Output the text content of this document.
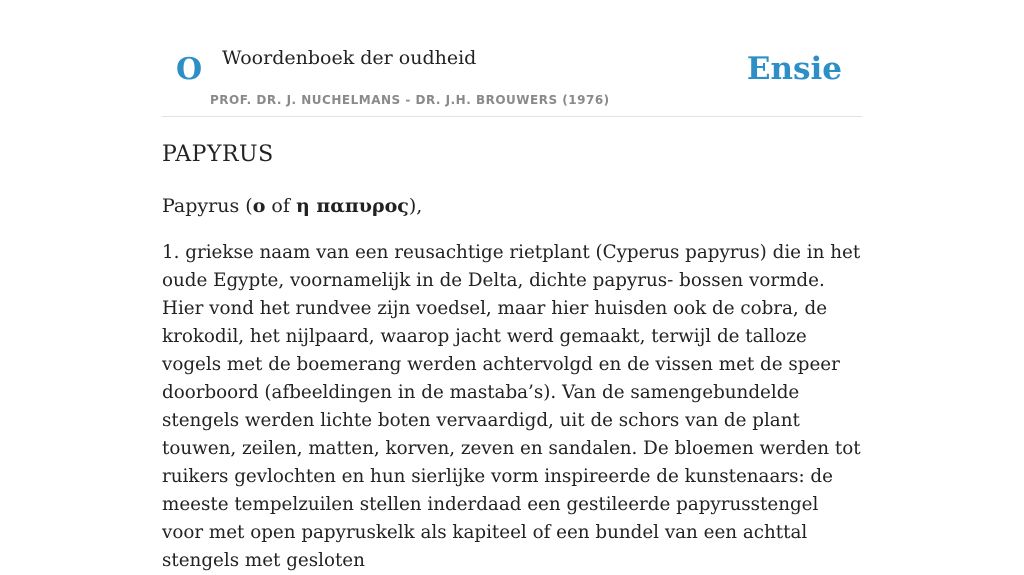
O Woordenboek der oudheid
PROF. DR. J. NUCHELMANS - DR. J.H. BROUWERS (1976)
Ensie
PAPYRUS
Papyrus (ο of η παπυρος),

1. griekse naam van een reusachtige rietplant (Cyperus papyrus) die in het oude Egypte, voornamelijk in de Delta, dichte papyrus- bossen vormde. Hier vond het rundvee zijn voedsel, maar hier huisden ook de cobra, de krokodil, het nijlpaard, waarop jacht werd gemaakt, terwijl de talloze vogels met de boemerang werden achtervolgd en de vissen met de speer doorboord (afbeeldingen in de mastaba’s). Van de samengebundelde stengels werden lichte boten vervaardigd, uit de schors van de plant touwen, zeilen, matten, korven, zeven en sandalen. De bloemen werden tot ruikers gevlochten en hun sierlijke vorm inspireerde de kunstenaars: de meeste tempelzuilen stellen inderdaad een gestileerde papyrusstengel voor met open papyruskelk als kapiteel of een bundel van een achttal stengels met gesloten
